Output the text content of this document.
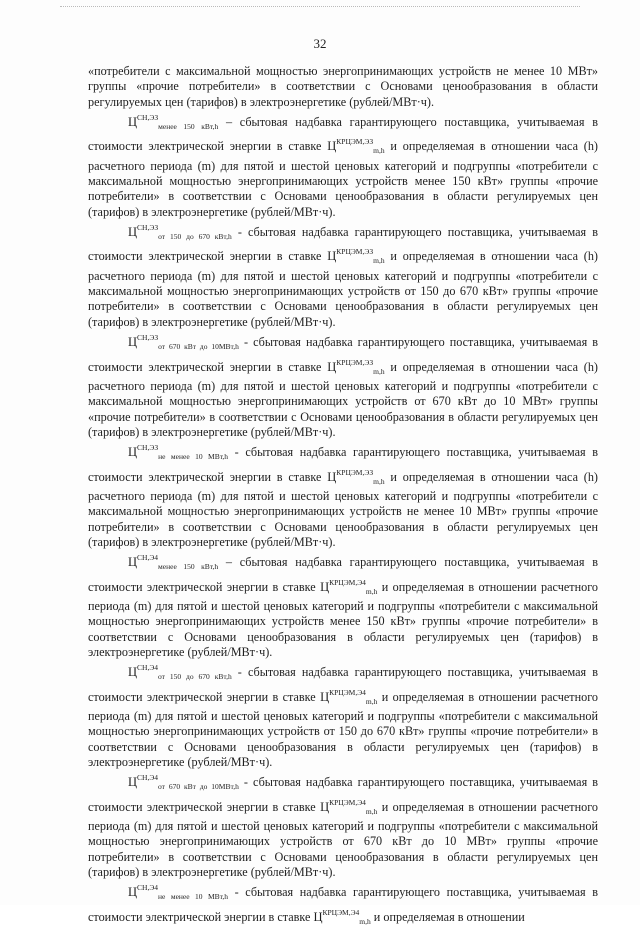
32

«потребители с максимальной мощностью энергопринимающих устройств не менее 10 МВт» группы «прочие потребители» в соответствии с Основами ценообразования в области регулируемых цен (тарифов) в электроэнергетике (рублей/МВт·ч).

$Ц^{СН,ЭЗ}_{менее 150 кВт,h}$ – сбытовая надбавка гарантирующего поставщика, учитываемая в стоимости электрической энергии в ставке $Ц^{КРЦЭМ,ЭЗ}_{m,h}$ и определяемая в отношении часа (h) расчетного периода (m) для пятой и шестой ценовых категорий и подгруппы «потребители с максимальной мощностью энергопринимающих устройств менее 150 кВт» группы «прочие потребители» в соответствии с Основами ценообразования в области регулируемых цен (тарифов) в электроэнергетике (рублей/МВт·ч).

$Ц^{СН,ЭЗ}_{от 150 до 670 кВт,h}$ - сбытовая надбавка гарантирующего поставщика, учитываемая в стоимости электрической энергии в ставке $Ц^{КРЦЭМ,ЭЗ}_{m,h}$ и определяемая в отношении часа (h) расчетного периода (m) для пятой и шестой ценовых категорий и подгруппы «потребители с максимальной мощностью энергопринимающих устройств от 150 до 670 кВт» группы «прочие потребители» в соответствии с Основами ценообразования в области регулируемых цен (тарифов) в электроэнергетике (рублей/МВт·ч).

$Ц^{СН,ЭЗ}_{от 670 кВт до 10МВт,h}$ - сбытовая надбавка гарантирующего поставщика, учитываемая в стоимости электрической энергии в ставке $Ц^{КРЦЭМ,ЭЗ}_{m,h}$ и определяемая в отношении часа (h) расчетного периода (m) для пятой и шестой ценовых категорий и подгруппы «потребители с максимальной мощностью энергопринимающих устройств от 670 кВт до 10 МВт» группы «прочие потребители» в соответствии с Основами ценообразования в области регулируемых цен (тарифов) в электроэнергетике (рублей/МВт·ч).

$Ц^{СН,ЭЗ}_{не менее 10 МВт,h}$ - сбытовая надбавка гарантирующего поставщика, учитываемая в стоимости электрической энергии в ставке $Ц^{КРЦЭМ,ЭЗ}_{m,h}$ и определяемая в отношении часа (h) расчетного периода (m) для пятой и шестой ценовых категорий и подгруппы «потребители с максимальной мощностью энергопринимающих устройств не менее 10 МВт» группы «прочие потребители» в соответствии с Основами ценообразования в области регулируемых цен (тарифов) в электроэнергетике (рублей/МВт·ч).

$Ц^{СН,Э4}_{менее 150 кВт,h}$ – сбытовая надбавка гарантирующего поставщика, учитываемая в стоимости электрической энергии в ставке $Ц^{КРЦЭМ,Э4}_{m,h}$ и определяемая в отношении расчетного периода (m) для пятой и шестой ценовых категорий и подгруппы «потребители с максимальной мощностью энергопринимающих устройств менее 150 кВт» группы «прочие потребители» в соответствии с Основами ценообразования в области регулируемых цен (тарифов) в электроэнергетике (рублей/МВт·ч).

$Ц^{СН,Э4}_{от 150 до 670 кВт,h}$ - сбытовая надбавка гарантирующего поставщика, учитываемая в стоимости электрической энергии в ставке $Ц^{КРЦЭМ,Э4}_{m,h}$ и определяемая в отношении расчетного периода (m) для пятой и шестой ценовых категорий и подгруппы «потребители с максимальной мощностью энергопринимающих устройств от 150 до 670 кВт» группы «прочие потребители» в соответствии с Основами ценообразования в области регулируемых цен (тарифов) в электроэнергетике (рублей/МВт·ч).

$Ц^{СН,Э4}_{от 670 кВт до 10МВт,h}$ - сбытовая надбавка гарантирующего поставщика, учитываемая в стоимости электрической энергии в ставке $Ц^{КРЦЭМ,Э4}_{m,h}$ и определяемая в отношении расчетного периода (m) для пятой и шестой ценовых категорий и подгруппы «потребители с максимальной мощностью энергопринимающих устройств от 670 кВт до 10 МВт» группы «прочие потребители» в соответствии с Основами ценообразования в области регулируемых цен (тарифов) в электроэнергетике (рублей/МВт·ч).

$Ц^{СН,Э4}_{не менее 10 МВт,h}$ - сбытовая надбавка гарантирующего поставщика, учитываемая в стоимости электрической энергии в ставке $Ц^{КРЦЭМ,Э4}_{m,h}$ и определяемая в отношении
